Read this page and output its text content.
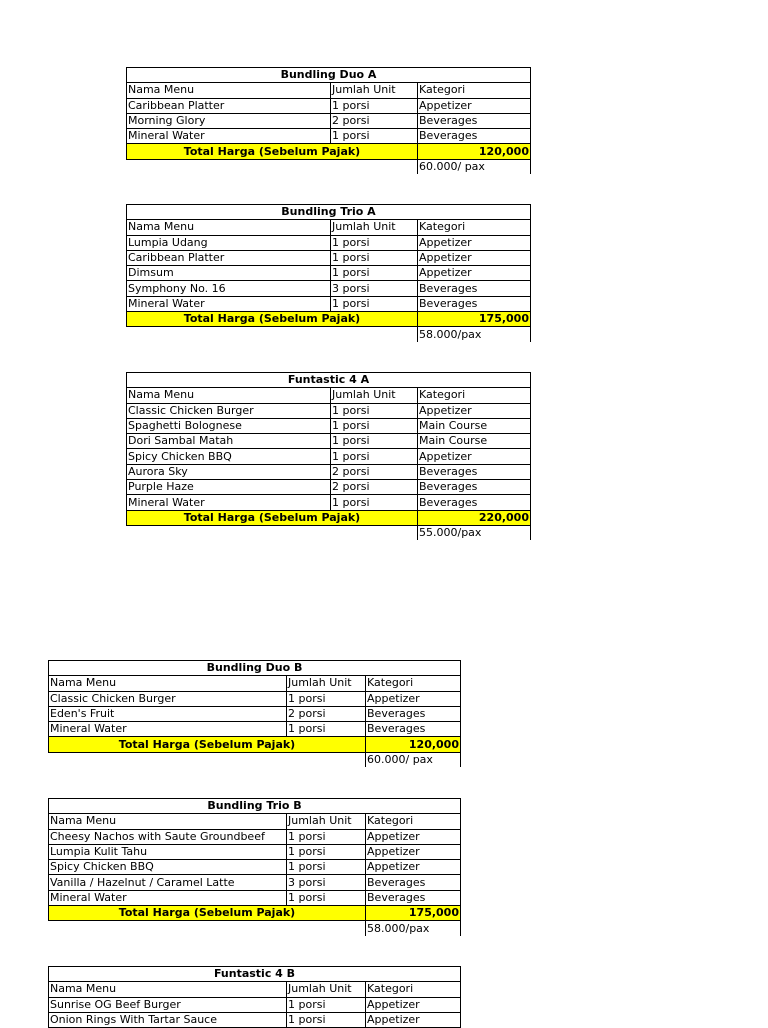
Bundling Duo A		
Nama Menu	Jumlah Unit	Kategori
Caribbean Platter	1 porsi	Appetizer
Morning Glory	2 porsi	Beverages
Mineral Water	1 porsi	Beverages
Total Harga (Sebelum Pajak)		120,000
		60.000/ pax
Bundling Trio A		
Nama Menu	Jumlah Unit	Kategori
Lumpia Udang	1 porsi	Appetizer
Caribbean Platter	1 porsi	Appetizer
Dimsum	1 porsi	Appetizer
Symphony No. 16	3 porsi	Beverages
Mineral Water	1 porsi	Beverages
Total Harga (Sebelum Pajak)		175,000
		58.000/pax
Funtastic 4 A		
Nama Menu	Jumlah Unit	Kategori
Classic Chicken Burger	1 porsi	Appetizer
Spaghetti Bolognese	1 porsi	Main Course
Dori Sambal Matah	1 porsi	Main Course
Spicy Chicken BBQ	1 porsi	Appetizer
Aurora Sky	2 porsi	Beverages
Purple Haze	2 porsi	Beverages
Mineral Water	1 porsi	Beverages
Total Harga (Sebelum Pajak)		220,000
		55.000/pax
Bundling Duo B		
Nama Menu	Jumlah Unit	Kategori
Classic Chicken Burger	1 porsi	Appetizer
Eden's Fruit	2 porsi	Beverages
Mineral Water	1 porsi	Beverages
Total Harga (Sebelum Pajak)		120,000
		60.000/ pax
Bundling Trio B		
Nama Menu	Jumlah Unit	Kategori
Cheesy Nachos with Saute Groundbeef	1 porsi	Appetizer
Lumpia Kulit Tahu	1 porsi	Appetizer
Spicy Chicken BBQ	1 porsi	Appetizer
Vanilla / Hazelnut / Caramel Latte	3 porsi	Beverages
Mineral Water	1 porsi	Beverages
Total Harga (Sebelum Pajak)		175,000
		58.000/pax
Funtastic 4 B		
Nama Menu	Jumlah Unit	Kategori
Sunrise OG Beef Burger	1 porsi	Appetizer
Onion Rings With Tartar Sauce	1 porsi	Appetizer
